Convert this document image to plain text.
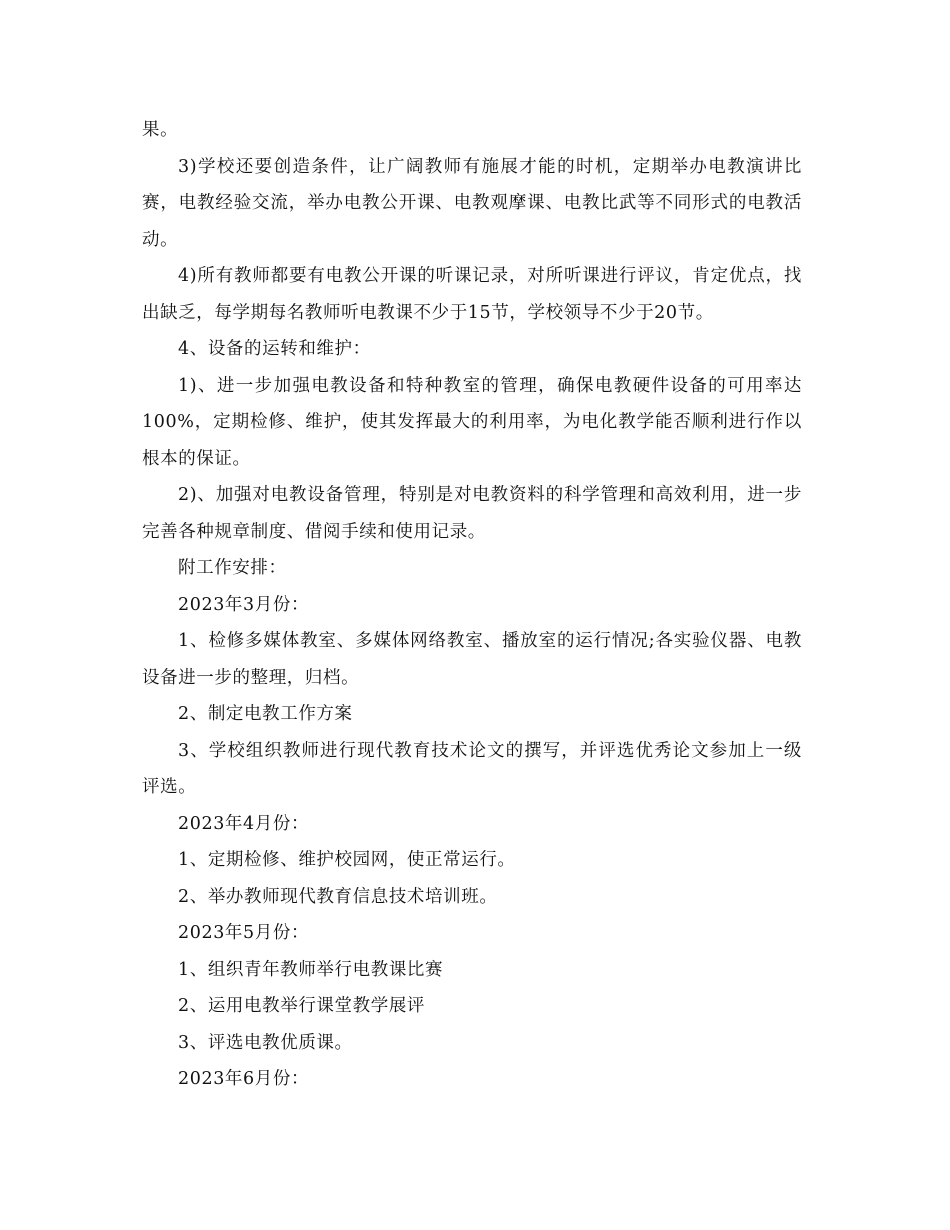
果。

3)学校还要创造条件，让广阔教师有施展才能的时机，定期举办电教演讲比赛，电教经验交流，举办电教公开课、电教观摩课、电教比武等不同形式的电教活动。

4)所有教师都要有电教公开课的听课记录，对所听课进行评议，肯定优点，找出缺乏，每学期每名教师听电教课不少于15节，学校领导不少于20节。

4、设备的运转和维护：

1)、进一步加强电教设备和特种教室的管理，确保电教硬件设备的可用率达100%，定期检修、维护，使其发挥最大的利用率，为电化教学能否顺利进行作以根本的保证。

2)、加强对电教设备管理，特别是对电教资料的科学管理和高效利用，进一步完善各种规章制度、借阅手续和使用记录。

附工作安排：

2023年3月份：

1、检修多媒体教室、多媒体网络教室、播放室的运行情况;各实验仪器、电教设备进一步的整理，归档。

2、制定电教工作方案

3、学校组织教师进行现代教育技术论文的撰写，并评选优秀论文参加上一级评选。

2023年4月份：

1、定期检修、维护校园网，使正常运行。

2、举办教师现代教育信息技术培训班。

2023年5月份：

1、组织青年教师举行电教课比赛

2、运用电教举行课堂教学展评

3、评选电教优质课。

2023年6月份：
